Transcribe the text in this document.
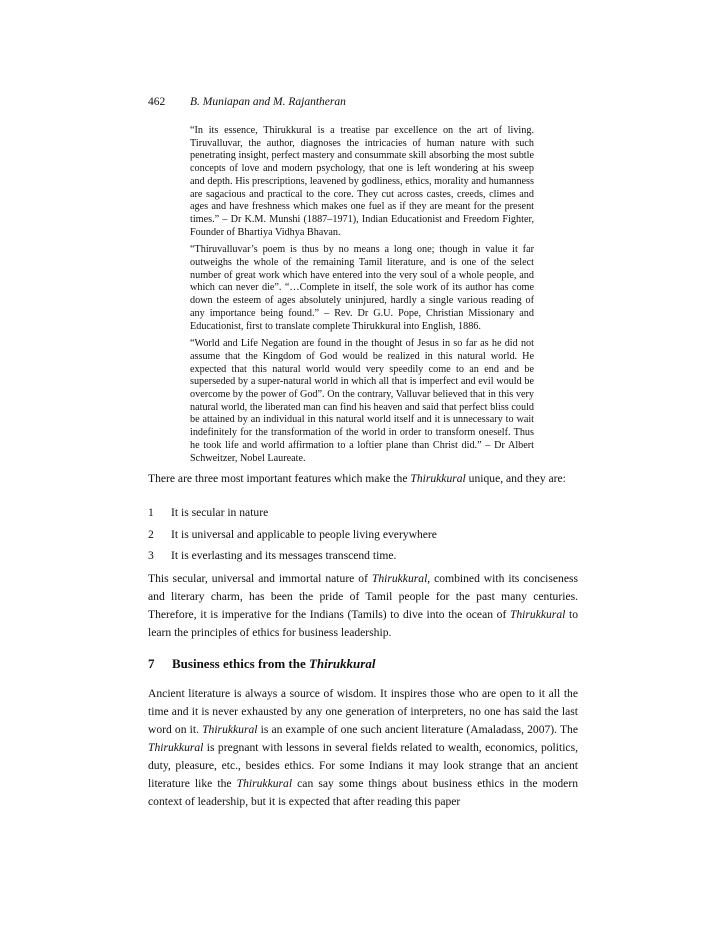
462 B. Muniapan and M. Rajantheran

“In its essence, Thirukkural is a treatise par excellence on the art of living. Tiruvalluvar, the author, diagnoses the intricacies of human nature with such penetrating insight, perfect mastery and consummate skill absorbing the most subtle concepts of love and modern psychology, that one is left wondering at his sweep and depth. His prescriptions, leavened by godliness, ethics, morality and humanness are sagacious and practical to the core. They cut across castes, creeds, climes and ages and have freshness which makes one fuel as if they are meant for the present times.” – Dr K.M. Munshi (1887–1971), Indian Educationist and Freedom Fighter, Founder of Bhartiya Vidhya Bhavan.

“Thiruvalluvar’s poem is thus by no means a long one; though in value it far outweighs the whole of the remaining Tamil literature, and is one of the select number of great work which have entered into the very soul of a whole people, and which can never die”. “…Complete in itself, the sole work of its author has come down the esteem of ages absolutely uninjured, hardly a single various reading of any importance being found.” – Rev. Dr G.U. Pope, Christian Missionary and Educationist, first to translate complete Thirukkural into English, 1886.

“World and Life Negation are found in the thought of Jesus in so far as he did not assume that the Kingdom of God would be realized in this natural world. He expected that this natural world would very speedily come to an end and be superseded by a super-natural world in which all that is imperfect and evil would be overcome by the power of God”. On the contrary, Valluvar believed that in this very natural world, the liberated man can find his heaven and said that perfect bliss could be attained by an individual in this natural world itself and it is unnecessary to wait indefinitely for the transformation of the world in order to transform oneself. Thus he took life and world affirmation to a loftier plane than Christ did.” – Dr Albert Schweitzer, Nobel Laureate.

There are three most important features which make the Thirukkural unique, and they are:

1 It is secular in nature
2 It is universal and applicable to people living everywhere
3 It is everlasting and its messages transcend time.

This secular, universal and immortal nature of Thirukkural, combined with its conciseness and literary charm, has been the pride of Tamil people for the past many centuries. Therefore, it is imperative for the Indians (Tamils) to dive into the ocean of Thirukkural to learn the principles of ethics for business leadership.

7 Business ethics from the Thirukkural

Ancient literature is always a source of wisdom. It inspires those who are open to it all the time and it is never exhausted by any one generation of interpreters, no one has said the last word on it. Thirukkural is an example of one such ancient literature (Amaladass, 2007). The Thirukkural is pregnant with lessons in several fields related to wealth, economics, politics, duty, pleasure, etc., besides ethics. For some Indians it may look strange that an ancient literature like the Thirukkural can say some things about business ethics in the modern context of leadership, but it is expected that after reading this paper
